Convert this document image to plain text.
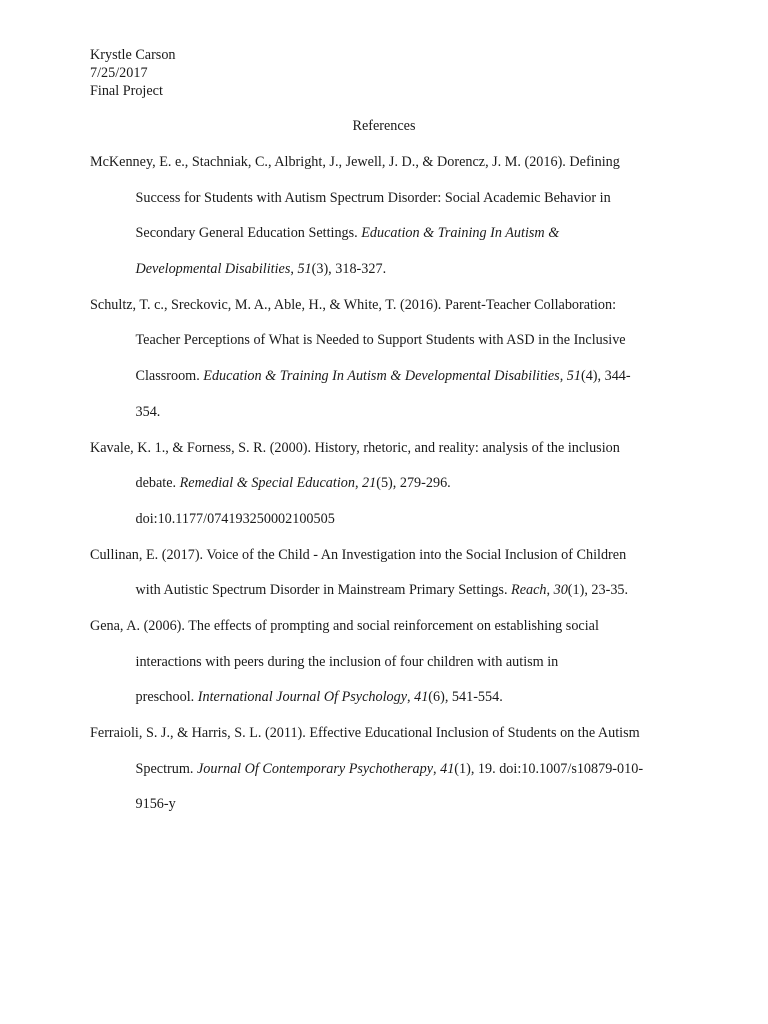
Krystle Carson
7/25/2017
Final Project
References
McKenney, E. e., Stachniak, C., Albright, J., Jewell, J. D., & Dorencz, J. M. (2016). Defining
Success for Students with Autism Spectrum Disorder: Social Academic Behavior in
Secondary General Education Settings. Education & Training In Autism &
Developmental Disabilities, 51(3), 318-327.
Schultz, T. c., Sreckovic, M. A., Able, H., & White, T. (2016). Parent-Teacher Collaboration:
Teacher Perceptions of What is Needed to Support Students with ASD in the Inclusive
Classroom. Education & Training In Autism & Developmental Disabilities, 51(4), 344-
354.
Kavale, K. 1., & Forness, S. R. (2000). History, rhetoric, and reality: analysis of the inclusion
debate. Remedial & Special Education, 21(5), 279-296.
doi:10.1177/074193250002100505
Cullinan, E. (2017). Voice of the Child - An Investigation into the Social Inclusion of Children
with Autistic Spectrum Disorder in Mainstream Primary Settings. Reach, 30(1), 23-35.
Gena, A. (2006). The effects of prompting and social reinforcement on establishing social
interactions with peers during the inclusion of four children with autism in
preschool. International Journal Of Psychology, 41(6), 541-554.
Ferraioli, S. J., & Harris, S. L. (2011). Effective Educational Inclusion of Students on the Autism
Spectrum. Journal Of Contemporary Psychotherapy, 41(1), 19. doi:10.1007/s10879-010-
9156-y
